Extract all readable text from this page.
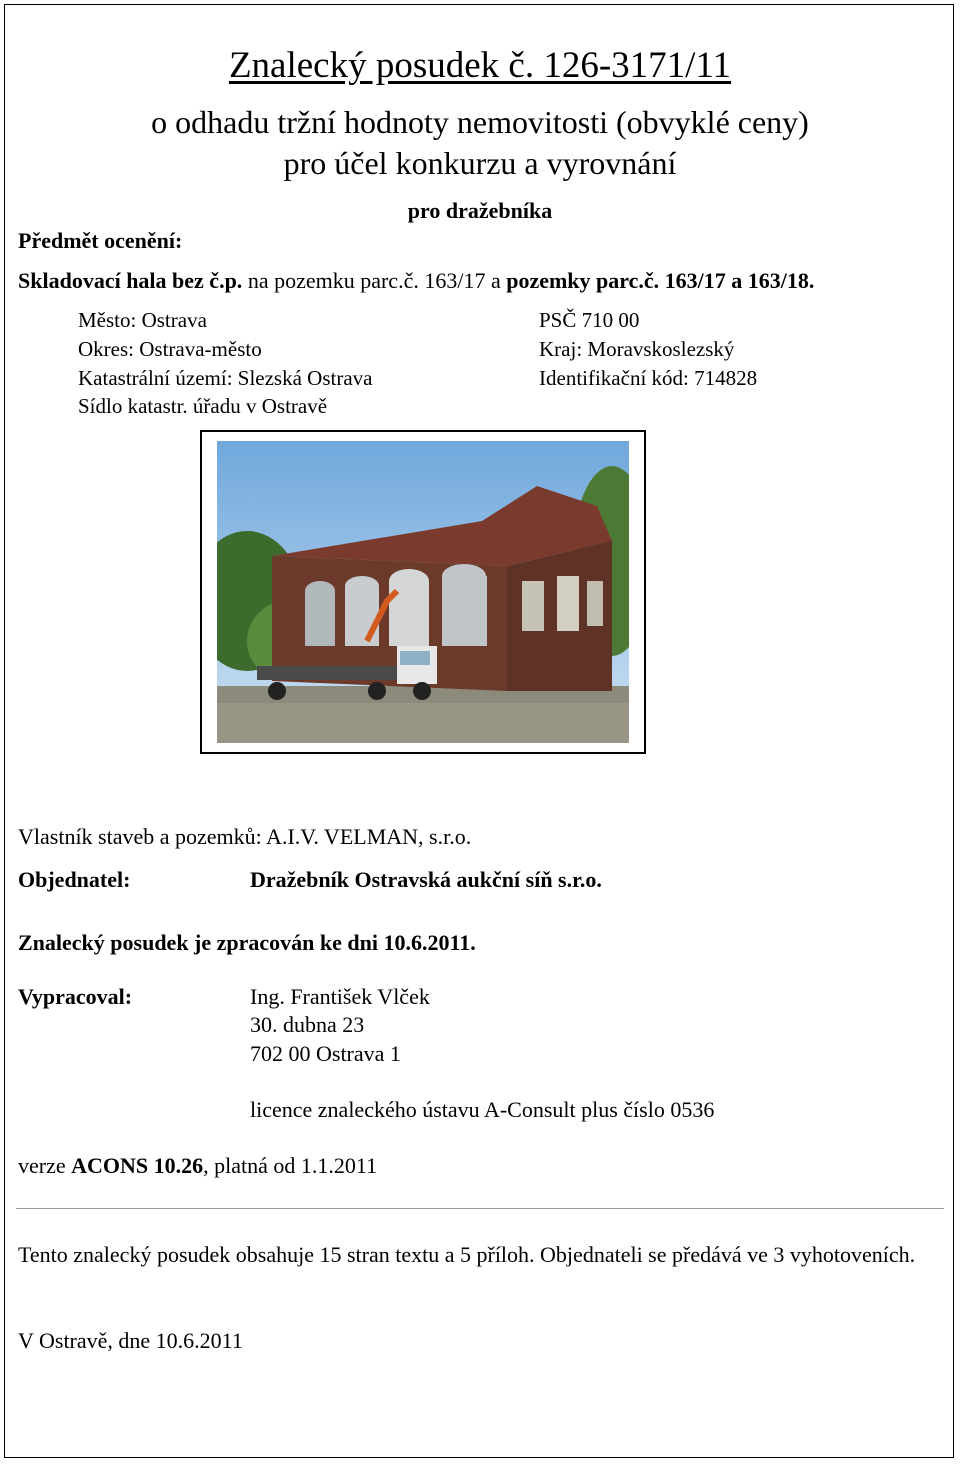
Znalecký posudek č. 126-3171/11
o odhadu tržní hodnoty nemovitosti (obvyklé ceny)
pro účel konkurzu a vyrovnání
pro dražebníka
Předmět ocenění:
Skladovací hala bez č.p. na pozemku parc.č. 163/17 a pozemky parc.č. 163/17 a 163/18.
Město: Ostrava	PSČ 710 00
Okres: Ostrava-město	Kraj: Moravskoslezský
Katastrální území: Slezská Ostrava	Identifikační kód: 714828
Sídlo katastr. úřadu v Ostravě
Vlastník staveb a pozemků: A.I.V. VELMAN, s.r.o.
Objednatel:	Dražebník Ostravská aukční síň s.r.o.
Znalecký posudek je zpracován ke dni 10.6.2011.
Vypracoval:	Ing. František Vlček
30. dubna 23
702 00 Ostrava 1
licence znaleckého ústavu A-Consult plus číslo 0536
verze ACONS 10.26, platná od 1.1.2011
Tento znalecký posudek obsahuje 15 stran textu a 5 příloh. Objednateli se předává ve 3 vyhotoveních.
V Ostravě, dne 10.6.2011
